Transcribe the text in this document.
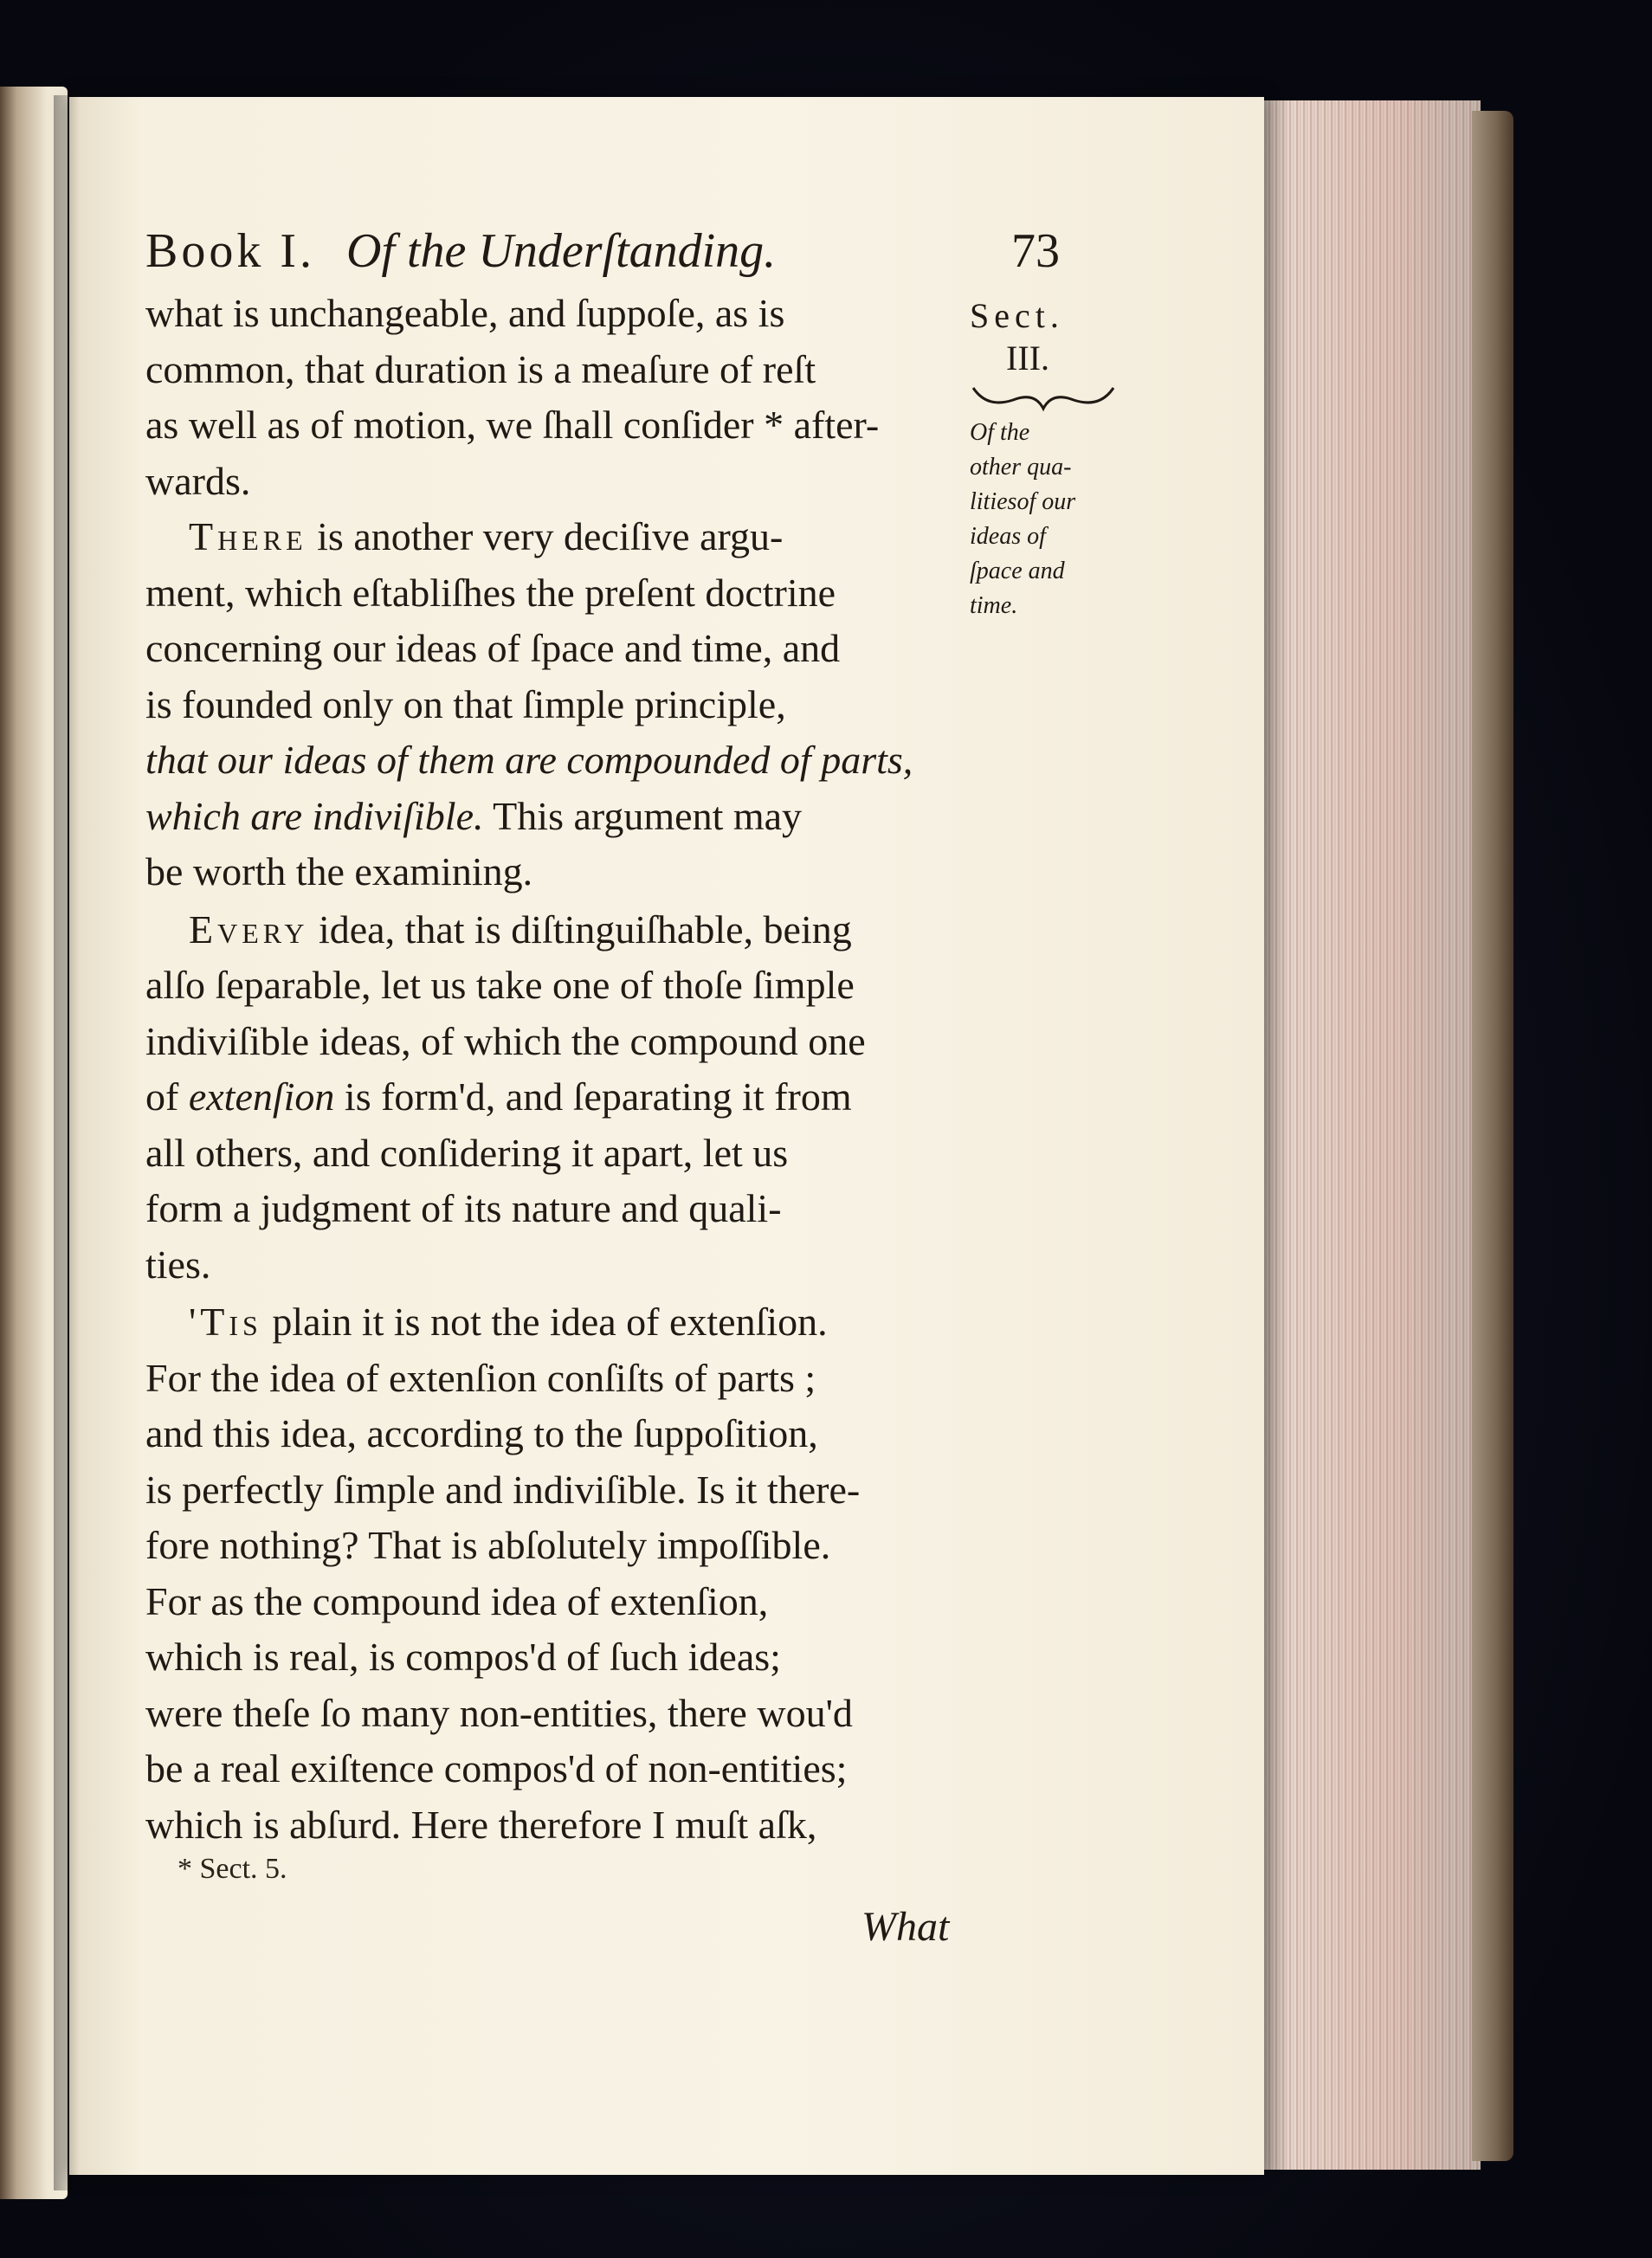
Book I. Of the Underſtanding.	73

what is unchangeable, and ſuppoſe, as is
common, that duration is a meaſure of reſt
as well as of motion, we ſhall conſider * after-
wards.

There is another very deciſive argu-
ment, which eſtabliſhes the preſent doctrine
concerning our ideas of ſpace and time, and
is founded only on that ſimple principle,
that our ideas of them are compounded of parts,
which are indiviſible. This argument may
be worth the examining.

Every idea, that is diſtinguiſhable, being
alſo ſeparable, let us take one of thoſe ſimple
indiviſible ideas, of which the compound one
of extenſion is form'd, and ſeparating it from
all others, and conſidering it apart, let us
form a judgment of its nature and quali-
ties.

'Tis plain it is not the idea of extenſion.
For the idea of extenſion conſiſts of parts ;
and this idea, according to the ſuppoſition,
is perfectly ſimple and indiviſible. Is it there-
fore nothing? That is abſolutely impoſſible.
For as the compound idea of extenſion,
which is real, is compos'd of ſuch ideas;
were theſe ſo many non-entities, there wou'd
be a real exiſtence compos'd of non-entities;
which is abſurd. Here therefore I muſt aſk,

Sect.
III.
Of the
other qua-
litiesof our
ideas of
ſpace and
time.
* Sect. 5.
What
